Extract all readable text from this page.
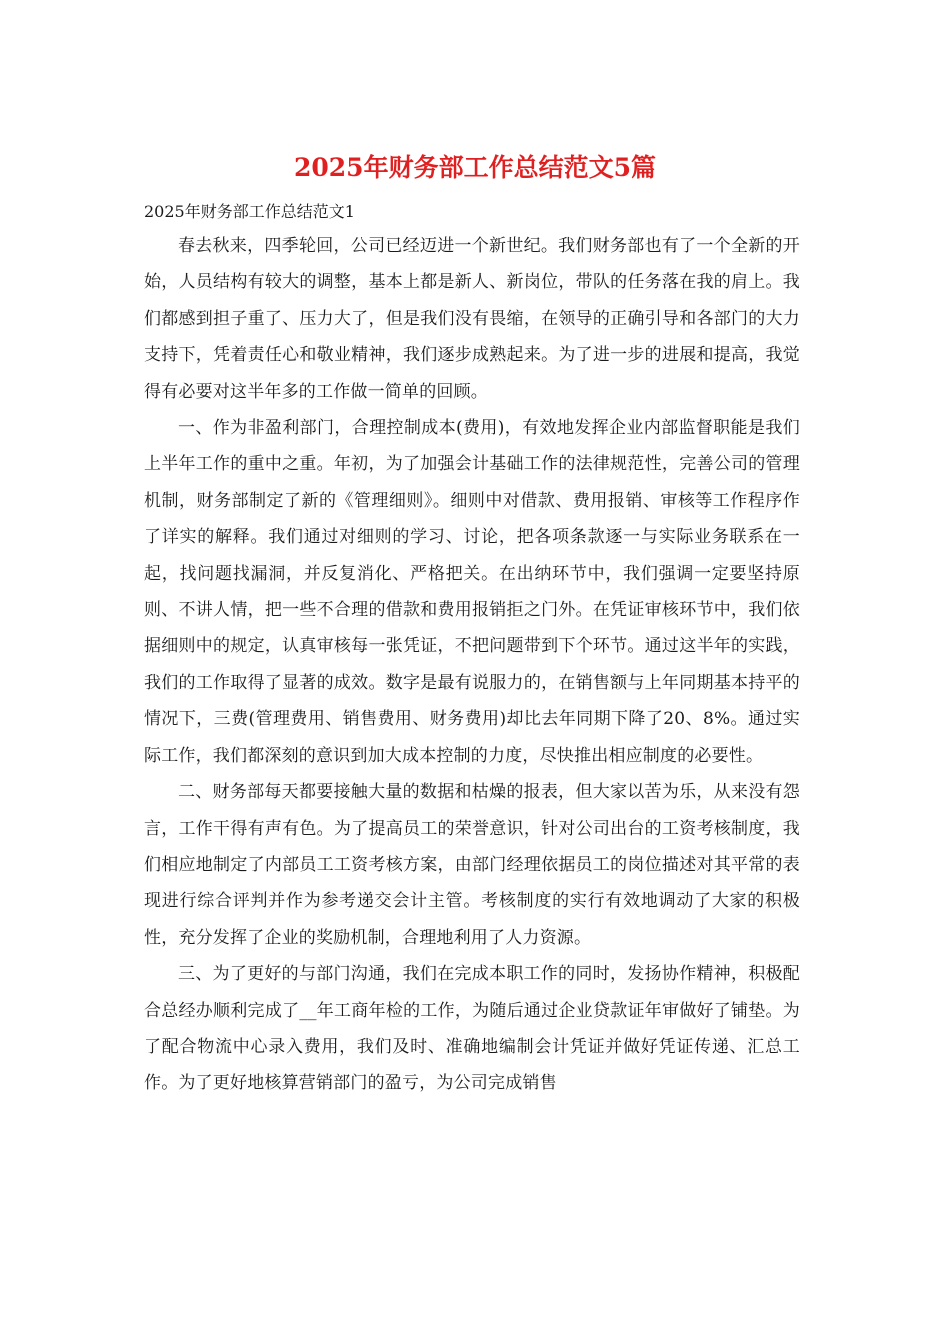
2025年财务部工作总结范文5篇

2025年财务部工作总结范文1

春去秋来，四季轮回，公司已经迈进一个新世纪。我们财务部也有了一个全新的开始，人员结构有较大的调整，基本上都是新人、新岗位，带队的任务落在我的肩上。我们都感到担子重了、压力大了，但是我们没有畏缩，在领导的正确引导和各部门的大力支持下，凭着责任心和敬业精神，我们逐步成熟起来。为了进一步的进展和提高，我觉得有必要对这半年多的工作做一简单的回顾。

一、作为非盈利部门，合理控制成本(费用)，有效地发挥企业内部监督职能是我们上半年工作的重中之重。年初，为了加强会计基础工作的法律规范性，完善公司的管理机制，财务部制定了新的《管理细则》。细则中对借款、费用报销、审核等工作程序作了详实的解释。我们通过对细则的学习、讨论，把各项条款逐一与实际业务联系在一起，找问题找漏洞，并反复消化、严格把关。在出纳环节中，我们强调一定要坚持原则、不讲人情，把一些不合理的借款和费用报销拒之门外。在凭证审核环节中，我们依据细则中的规定，认真审核每一张凭证，不把问题带到下个环节。通过这半年的实践，我们的工作取得了显著的成效。数字是最有说服力的，在销售额与上年同期基本持平的情况下，三费(管理费用、销售费用、财务费用)却比去年同期下降了20、8%。通过实际工作，我们都深刻的意识到加大成本控制的力度，尽快推出相应制度的必要性。

二、财务部每天都要接触大量的数据和枯燥的报表，但大家以苦为乐，从来没有怨言，工作干得有声有色。为了提高员工的荣誉意识，针对公司出台的工资考核制度，我们相应地制定了内部员工工资考核方案，由部门经理依据员工的岗位描述对其平常的表现进行综合评判并作为参考递交会计主管。考核制度的实行有效地调动了大家的积极性，充分发挥了企业的奖励机制，合理地利用了人力资源。

三、为了更好的与部门沟通，我们在完成本职工作的同时，发扬协作精神，积极配合总经办顺利完成了__年工商年检的工作，为随后通过企业贷款证年审做好了铺垫。为了配合物流中心录入费用，我们及时、准确地编制会计凭证并做好凭证传递、汇总工作。为了更好地核算营销部门的盈亏，为公司完成销售
